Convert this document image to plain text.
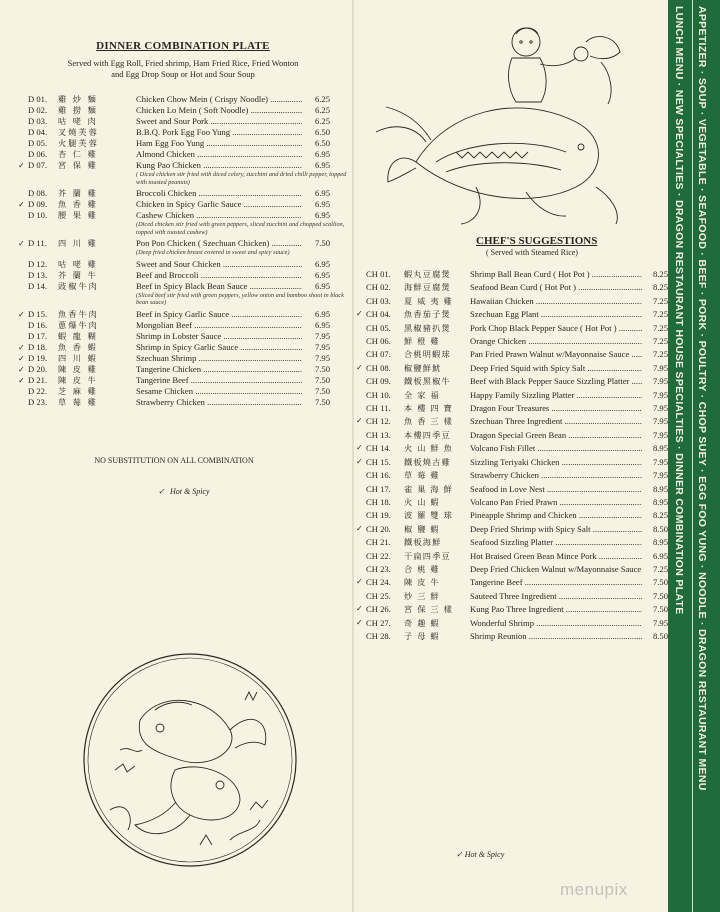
DINNER COMBINATION PLATE
Served with Egg Roll, Fried shrimp, Ham Fried Rice, Fried Wonton
and Egg Drop Soup or Hot and Sour Soup
D 01.	雞 炒 麵	Chicken Chow Mein ( Crispy Noodle) .....	6.25
D 02.	雞 撈 麵	Chicken Lo Mein ( Soft Noodle) .....	6.25
D 03.	咕 咾 肉	Sweet and Sour Pork .....	6.25
D 04.	叉燒芙蓉	B.B.Q. Pork Egg Foo Yung .....	6.50
D 05.	火腿芙蓉	Ham Egg Foo Yung .....	6.50
D 06.	杏 仁 雞	Almond Chicken .....	6.95
✓ D 07.	宮 保 雞	Kung Pao Chicken .....	6.95
( Diced chicken stir fried with diced celery, zucchini and dried chilli pepper, topped with toasted peanuts)
D 08.	芥 蘭 雞	Broccoli Chicken .....	6.95
✓ D 09.	魚 香 雞	Chicken in Spicy Garlic Sauce .....	6.95
D 10.	腰 果 雞	Cashew Chicken .....	6.95
(Diced chicken stir fried with green peppers, sliced zucchini and chopped scallion, topped with toasted cashew)
✓ D 11.	四 川 雞	Pon Pon Chicken ( Szechuan Chicken) .....	7.50
(Deep fried chicken breast covered in sweet and spicy sauce)
D 12.	咕 咾 雞	Sweet and Sour Chicken .....	6.95
D 13.	芥 蘭 牛	Beef and Broccoli .....	6.95
D 14.	豉椒牛肉	Beef in Spicy Black Bean Sauce .....	6.95
(Sliced beef stir fried with green peppers, yellow onion and bamboo shoot in black bean sauce)
✓ D 15.	魚香牛肉	Beef in Spicy Garlic Sauce .....	6.95
D 16.	蔥爆牛肉	Mongolian Beef .....	6.95
D 17.	蝦 龍 糊	Shrimp in Lobster Sauce .....	7.95
✓ D 18.	魚 香 蝦	Shrimp in Spicy Garlic Sauce .....	7.95
✓ D 19.	四 川 蝦	Szechuan Shrimp .....	7.95
✓ D 20.	陳 皮 雞	Tangerine Chicken .....	7.50
✓ D 21.	陳 皮 牛	Tangerine Beef .....	7.50
D 22.	芝 麻 雞	Sesame Chicken .....	7.50
D 23.	草 莓 雞	Strawberry Chicken .....	7.50
NO SUBSTITUTION ON ALL COMBINATION
✓ Hot & Spicy
CHEF'S SUGGESTIONS
( Served with Steamed Rice)
CH 01.	蝦丸豆腐煲	Shrimp Ball Bean Curd ( Hot Pot ) .....	8.25
CH 02.	海鮮豆腐煲	Seafood Bean Curd ( Hot Pot ) .....	8.25
CH 03.	夏 威 夷 雞	Hawaiian Chicken .....	7.25
✓ CH 04.	魚香茄子煲	Szechuan Egg Plant .....	7.25
CH 05.	黑椒豬扒煲	Pork Chop Black Pepper Sauce ( Hot Pot ) .....	7.25
CH 06.	鮮 橙 雞	Orange Chicken .....	7.25
CH 07.	合桃明蝦球	Pan Fried Prawn Walnut w/Mayonnaise Sauce .....	7.25
✓ CH 08.	椒鹽鮮魷	Deep Fried Squid with Spicy Salt .....	7.95
CH 09.	鐵板黑椒牛	Beef with Black Pepper Sauce Sizzling Platter .....	7.95
CH 10.	全 家 福	Happy Family Sizzling Platter .....	7.95
CH 11.	本 樓 四 寶	Dragon Four Treasures .....	7.95
✓ CH 12.	魚 香 三 樣	Szechuan Three Ingredient .....	7.95
CH 13.	本樓四季豆	Dragon Special Green Bean .....	7.95
✓ CH 14.	火 山 鮮 魚	Volcano Fish Fillet .....	8.95
✓ CH 15.	鐵板燒古雞	Sizzling Teriyaki Chicken .....	7.95
CH 16.	草 莓 雞	Strawberry Chicken .....	7.95
CH 17.	雀 巢 海 鮮	Seafood in Love Nest .....	8.95
CH 18.	火 山 蝦	Volcano Pan Fried Prawn .....	8.95
CH 19.	波 羅 雙 球	Pineapple Shrimp and Chicken .....	8.25
✓ CH 20.	椒 鹽 蝦	Deep Fried Shrimp with Spicy Salt .....	8.50
CH 21.	鐵板海鮮	Seafood Sizzling Platter .....	8.95
CH 22.	干扁四季豆	Hot Braised Green Bean Mince Pork .....	6.95
CH 23.	合 桃 雞	Deep Fried Chicken Walnut w/Mayonnaise Sauce .....	7.25
✓ CH 24.	陳 皮 牛	Tangerine Beef .....	7.50
CH 25.	炒 三 鮮	Sauteed Three Ingredient .....	7.50
✓ CH 26.	宮 保 三 樣	Kung Pao Three Ingredient .....	7.50
✓ CH 27.	奇 趣 蝦	Wonderful Shrimp .....	7.95
CH 28.	子 母 蝦	Shrimp Reunion .....	8.50
✓ Hot & Spicy
APPETIZER · SOUP · VEGETABLE · SEAFOOD · BEEF · PORK · POULTRY · CHOP SUEY · EGG FOO YUNG · NOODLE · DRAGON RESTAURANT MENU
LUNCH MENU · NEW SPECIALTIES · DRAGON RESTAURANT HOUSE SPECIALTIES · DINNER COMBINATION PLATE
menupix
